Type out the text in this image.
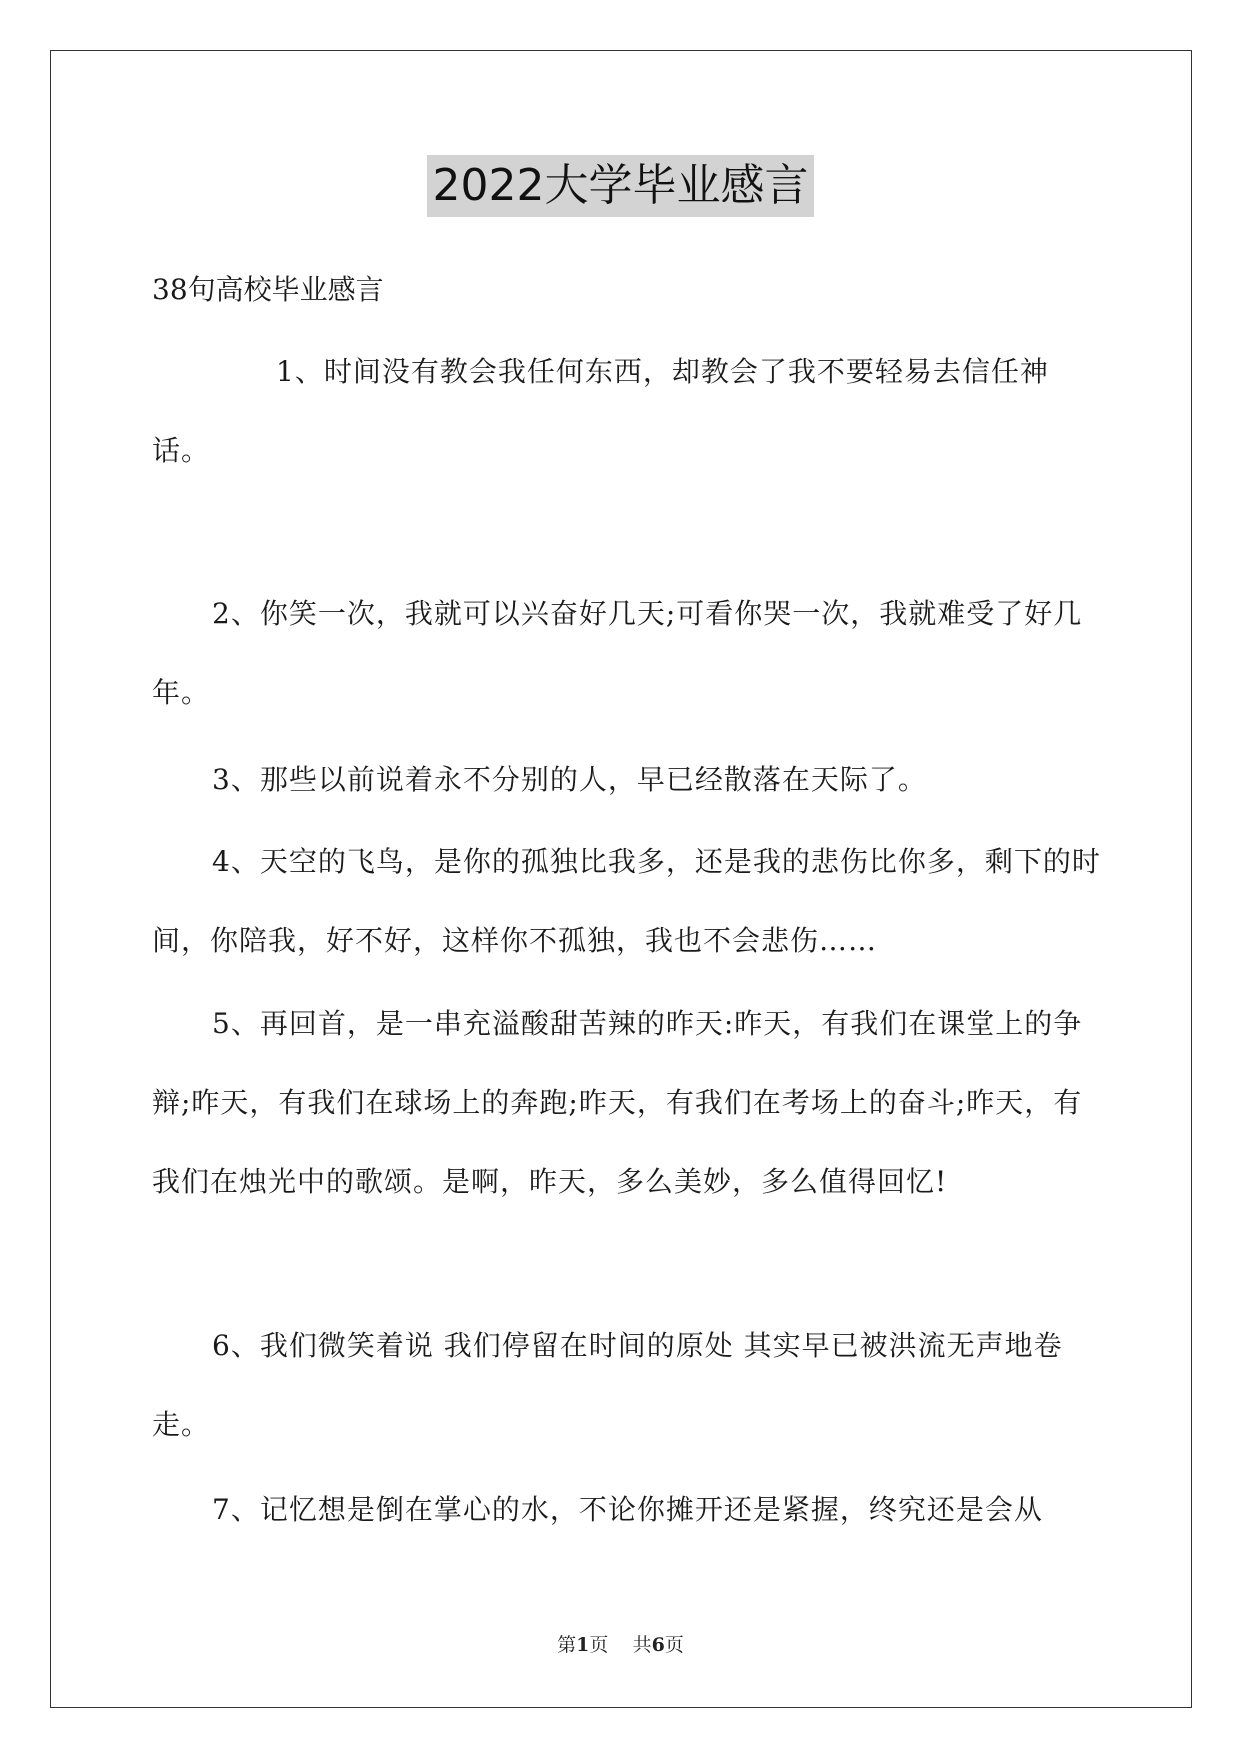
2022大学毕业感言

38句高校毕业感言

1、时间没有教会我任何东西，却教会了我不要轻易去信任神话。

2、你笑一次，我就可以兴奋好几天;可看你哭一次，我就难受了好几年。

3、那些以前说着永不分别的人，早已经散落在天际了。

4、天空的飞鸟，是你的孤独比我多，还是我的悲伤比你多，剩下的时间，你陪我，好不好，这样你不孤独，我也不会悲伤……

5、再回首，是一串充溢酸甜苦辣的昨天:昨天，有我们在课堂上的争辩;昨天，有我们在球场上的奔跑;昨天，有我们在考场上的奋斗;昨天，有我们在烛光中的歌颂。是啊，昨天，多么美妙，多么值得回忆!

6、我们微笑着说 我们停留在时间的原处 其实早已被洪流无声地卷走。

7、记忆想是倒在掌心的水，不论你摊开还是紧握，终究还是会从

第1页 共6页
